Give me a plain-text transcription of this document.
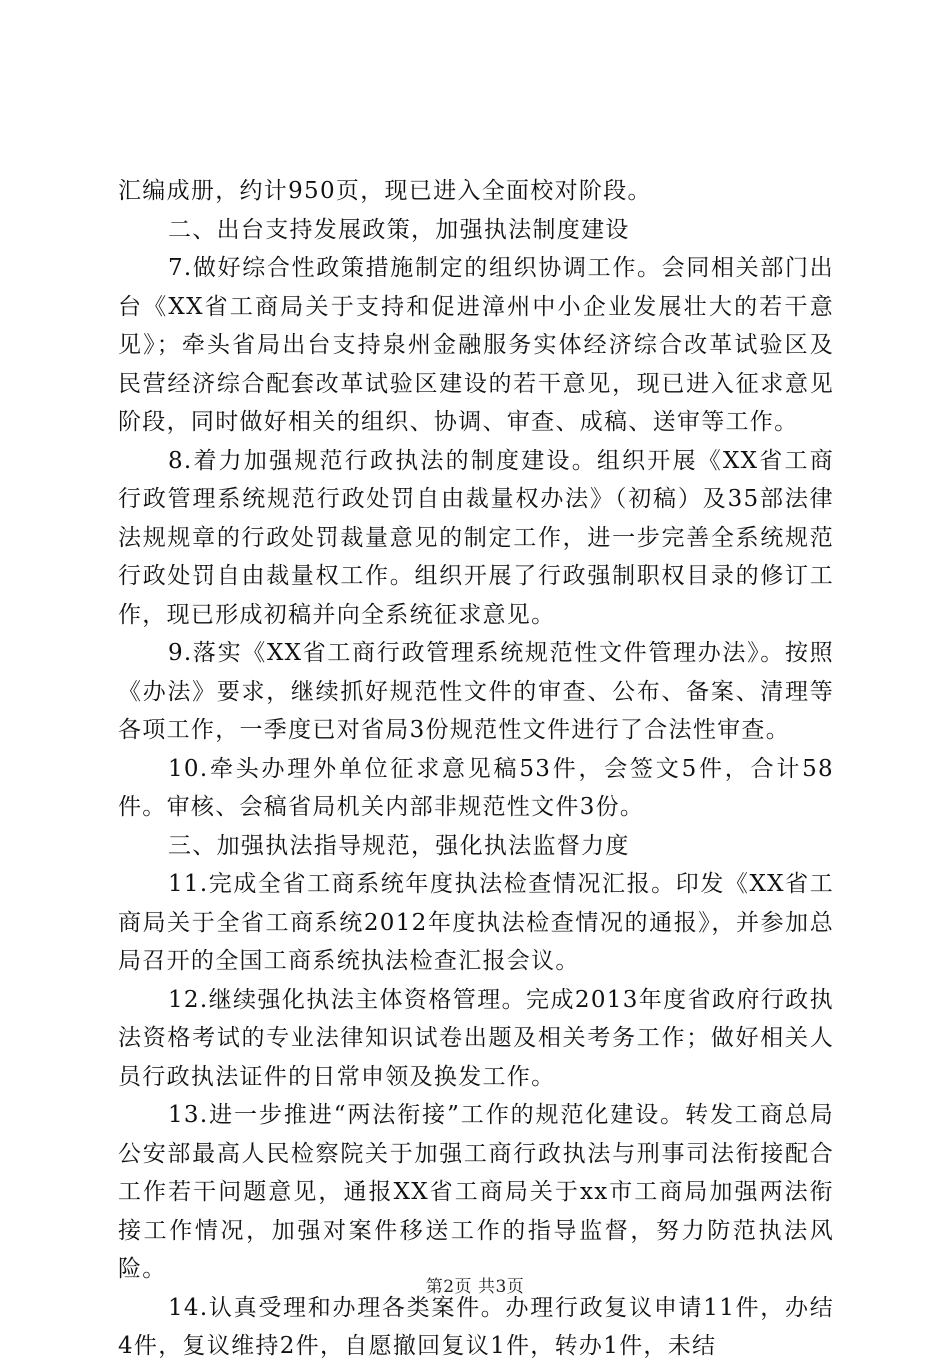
汇编成册，约计950页，现已进入全面校对阶段。

二、出台支持发展政策，加强执法制度建设

7.做好综合性政策措施制定的组织协调工作。会同相关部门出台《XX省工商局关于支持和促进漳州中小企业发展壮大的若干意见》；牵头省局出台支持泉州金融服务实体经济综合改革试验区及民营经济综合配套改革试验区建设的若干意见，现已进入征求意见阶段，同时做好相关的组织、协调、审查、成稿、送审等工作。

8.着力加强规范行政执法的制度建设。组织开展《XX省工商行政管理系统规范行政处罚自由裁量权办法》（初稿）及35部法律法规规章的行政处罚裁量意见的制定工作，进一步完善全系统规范行政处罚自由裁量权工作。组织开展了行政强制职权目录的修订工作，现已形成初稿并向全系统征求意见。

9.落实《XX省工商行政管理系统规范性文件管理办法》。按照《办法》要求，继续抓好规范性文件的审查、公布、备案、清理等各项工作，一季度已对省局3份规范性文件进行了合法性审查。

10.牵头办理外单位征求意见稿53件，会签文5件，合计58件。审核、会稿省局机关内部非规范性文件3份。

三、加强执法指导规范，强化执法监督力度

11.完成全省工商系统年度执法检查情况汇报。印发《XX省工商局关于全省工商系统2012年度执法检查情况的通报》，并参加总局召开的全国工商系统执法检查汇报会议。

12.继续强化执法主体资格管理。完成2013年度省政府行政执法资格考试的专业法律知识试卷出题及相关考务工作；做好相关人员行政执法证件的日常申领及换发工作。

13.进一步推进“两法衔接”工作的规范化建设。转发工商总局公安部最高人民检察院关于加强工商行政执法与刑事司法衔接配合工作若干问题意见，通报XX省工商局关于xx市工商局加强两法衔接工作情况，加强对案件移送工作的指导监督，努力防范执法风险。

14.认真受理和办理各类案件。办理行政复议申请11件，办结4件，复议维持2件，自愿撤回复议1件，转办1件，未结

第2页 共3页
